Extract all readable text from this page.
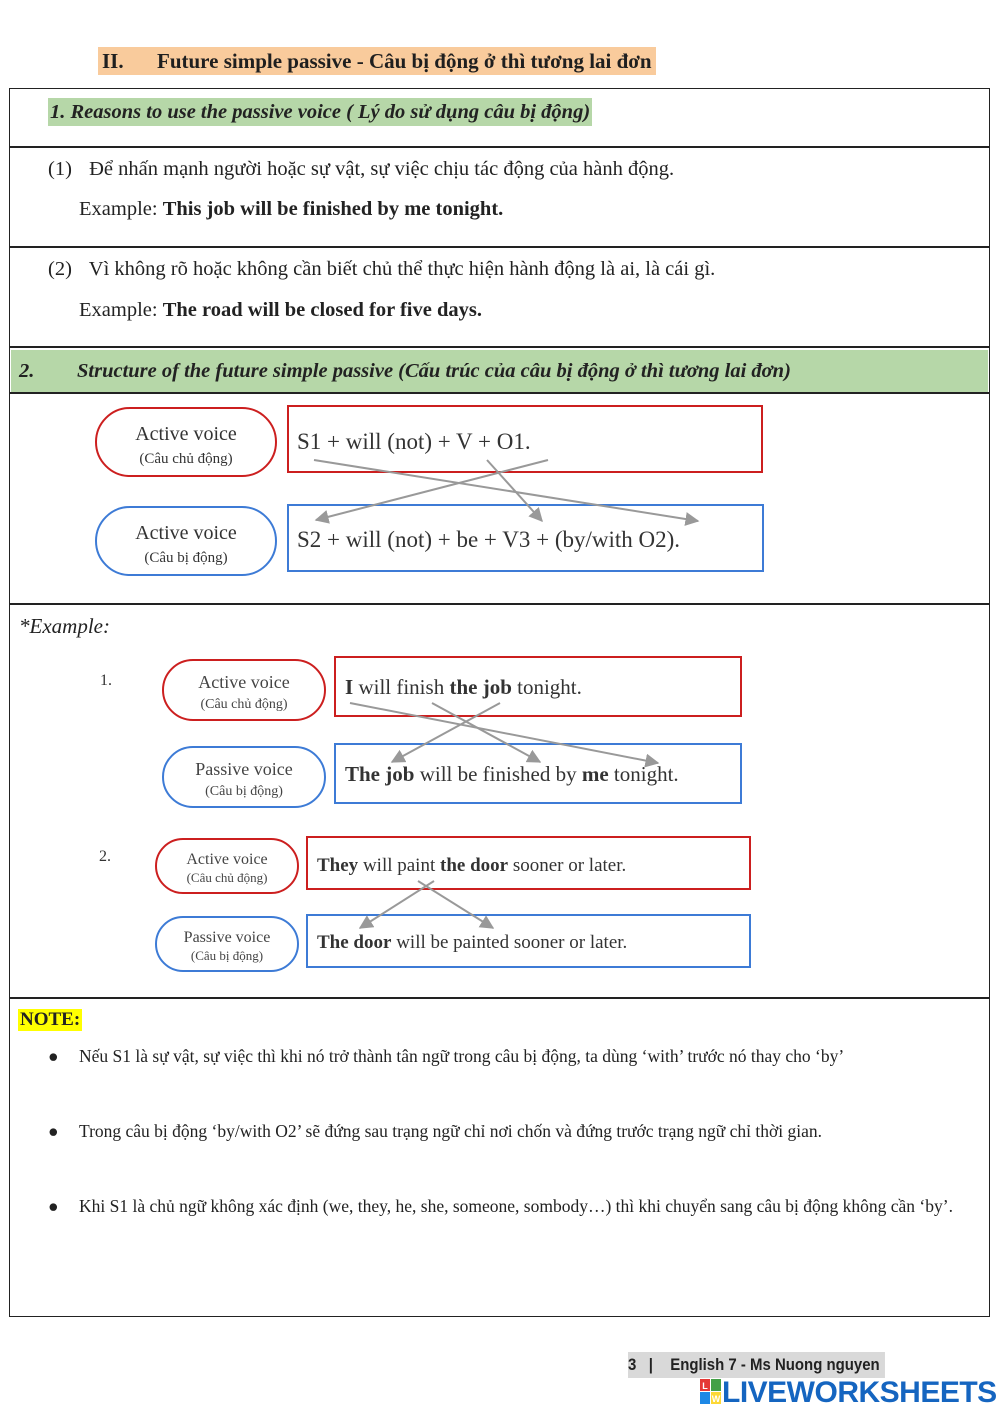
II. Future simple passive - Câu bị động ở thì tương lai đơn
1. Reasons to use the passive voice ( Lý do sử dụng câu bị động)
(1) Để nhấn mạnh người hoặc sự vật, sự việc chịu tác động của hành động.
Example: This job will be finished by me tonight.
(2) Vì không rõ hoặc không cần biết chủ thể thực hiện hành động là ai, là cái gì.
Example: The road will be closed for five days.
2. Structure of the future simple passive (Cấu trúc của câu bị động ở thì tương lai đơn)
Active voice
(Câu chủ động)
Active voice
(Câu bị động)
S1 + will (not) + V + O1.
S2 + will (not) + be + V3 + (by/with O2).
1.	Active voice
(Câu chủ động)
Passive voice
(Câu bị động)
I will finish the job tonight.
The job will be finished by me tonight.
2.	Active voice
(Câu chủ động)
Passive voice
(Câu bị động)
They will paint the door sooner or later.
The door will be painted sooner or later.
*Example:
NOTE:
● Nếu S1 là sự vật, sự việc thì khi nó trở thành tân ngữ trong câu bị động, ta dùng ‘with’ trước nó thay cho ‘by’
● Trong câu bị động ‘by/with O2’ sẽ đứng sau trạng ngữ chỉ nơi chốn và đứng trước trạng ngữ chỉ thời gian.
● Khi S1 là chủ ngữ không xác định (we, they, he, she, someone, sombody…) thì khi chuyển sang câu bị động không cần ‘by’.
3 | English 7 - Ms Nuong nguyen
L
W LIVEWORKSHEETS
